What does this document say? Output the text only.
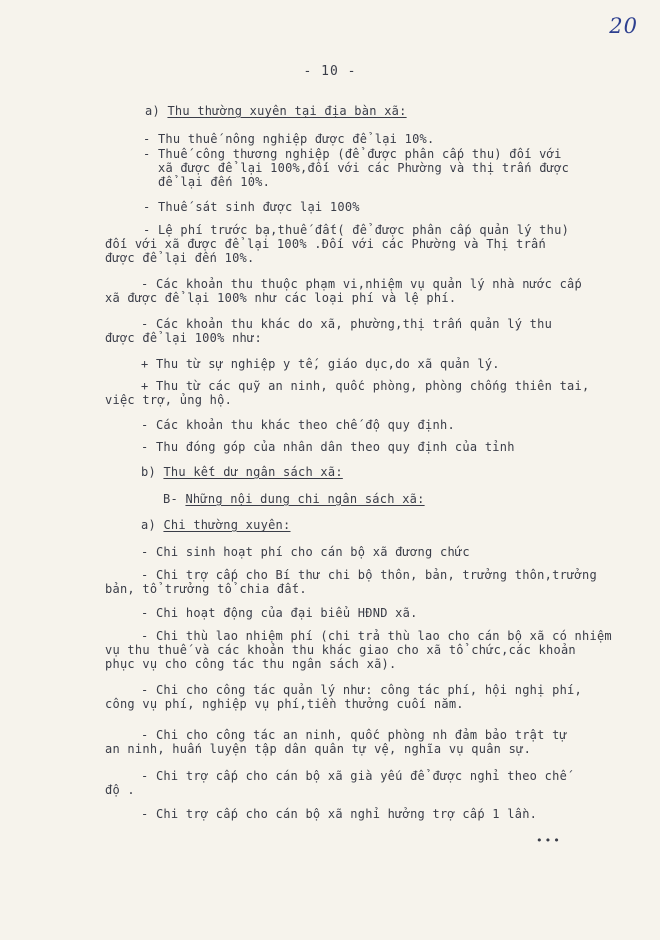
20
- 10 -
a) Thu thường xuyên tại địa bàn xã:
- Thu thuế nông nghiệp được để lại 10%.
- Thuế công thương nghiệp (để được phân cấp thu) đối với
xã được để lại 100%,đối với các Phường và thị trấn được
để lại đến 10%.
- Thuế sát sinh được lại 100%
- Lệ phí trước bạ,thuế đất( để được phân cấp quản lý thu)
đối với xã được để lại 100% .Đối với các Phường và Thị trấn
được để lại đến 10%.
- Các khoản thu thuộc phạm vi,nhiệm vụ quản lý nhà nước cấp
xã được để lại 100% như các loại phí và lệ phí.
- Các khoản thu khác do xã, phường,thị trấn quản lý thu
được để lại 100% như:
+ Thu từ sự nghiệp y tế, giáo dục,do xã quản lý.
+ Thu từ các quỹ an ninh, quốc phòng, phòng chống thiên tai,
việc trợ, ủng hộ.
- Các khoản thu khác theo chế độ quy định.
- Thu đóng góp của nhân dân theo quy định của tỉnh
b) Thu kết dư ngân sách xã:
B- Những nội dung chi ngân sách xã:
a) Chi thường xuyên:
- Chi sinh hoạt phí cho cán bộ xã đương chức
- Chi trợ cấp cho Bí thư chi bộ thôn, bản, trưởng thôn,trưởng
bản, tổ trưởng tổ chia đất.
- Chi hoạt động của đại biểu HĐND xã.
- Chi thù lao nhiệm phí (chi trả thù lao cho cán bộ xã có nhiệm
vụ thu thuế và các khoản thu khác giao cho xã tổ chức,các khoản
phục vụ cho công tác thu ngân sách xã).
- Chi cho công tác quản lý như: công tác phí, hội nghị phí,
công vụ phí, nghiệp vụ phí,tiền thưởng cuối năm.
- Chi cho công tác an ninh, quốc phòng nh đảm bảo trật tự
an ninh, huấn luyện tập dân quân tự vệ, nghĩa vụ quân sự.
- Chi trợ cấp cho cán bộ xã già yếu để được nghỉ theo chế
độ .
- Chi trợ cấp cho cán bộ xã nghỉ hưởng trợ cấp 1 lần.
•••
